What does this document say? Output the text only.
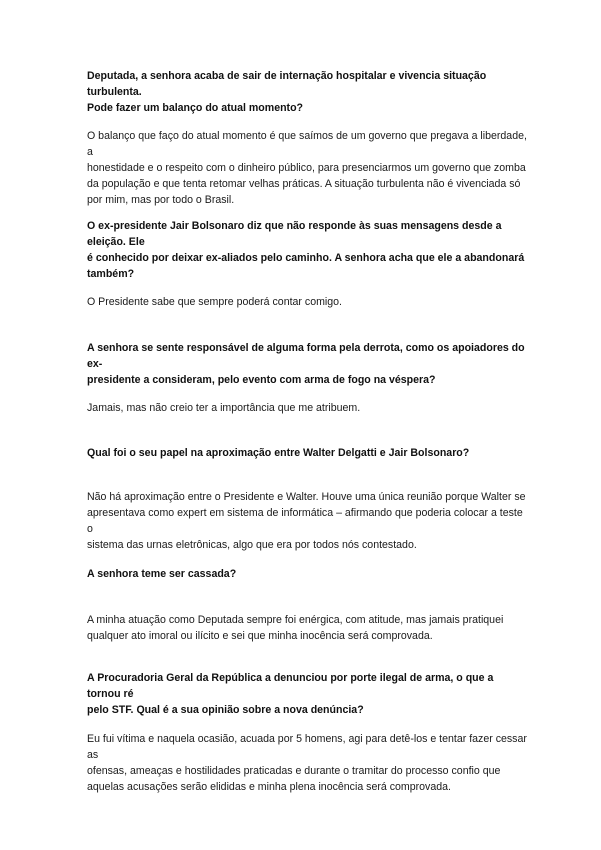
Deputada, a senhora acaba de sair de internação hospitalar e vivencia situação turbulenta.
Pode fazer um balanço do atual momento?

O balanço que faço do atual momento é que saímos de um governo que pregava a liberdade, a
honestidade e o respeito com o dinheiro público, para presenciarmos um governo que zomba
da população e que tenta retomar velhas práticas. A situação turbulenta não é vivenciada só
por mim, mas por todo o Brasil.

O ex-presidente Jair Bolsonaro diz que não responde às suas mensagens desde a eleição. Ele
é conhecido por deixar ex-aliados pelo caminho. A senhora acha que ele a abandonará
também?

O Presidente sabe que sempre poderá contar comigo.

A senhora se sente responsável de alguma forma pela derrota, como os apoiadores do ex-
presidente a consideram, pelo evento com arma de fogo na véspera?

Jamais, mas não creio ter a importância que me atribuem.

Qual foi o seu papel na aproximação entre Walter Delgatti e Jair Bolsonaro?

Não há aproximação entre o Presidente e Walter. Houve uma única reunião porque Walter se
apresentava como expert em sistema de informática – afirmando que poderia colocar a teste o
sistema das urnas eletrônicas, algo que era por todos nós contestado.

A senhora teme ser cassada?

A minha atuação como Deputada sempre foi enérgica, com atitude, mas jamais pratiquei
qualquer ato imoral ou ilícito e sei que minha inocência será comprovada.

A Procuradoria Geral da República a denunciou por porte ilegal de arma, o que a tornou ré
pelo STF. Qual é a sua opinião sobre a nova denúncia?

Eu fui vítima e naquela ocasião, acuada por 5 homens, agi para detê-los e tentar fazer cessar as
ofensas, ameaças e hostilidades praticadas e durante o tramitar do processo confio que
aquelas acusações serão elididas e minha plena inocência será comprovada.
